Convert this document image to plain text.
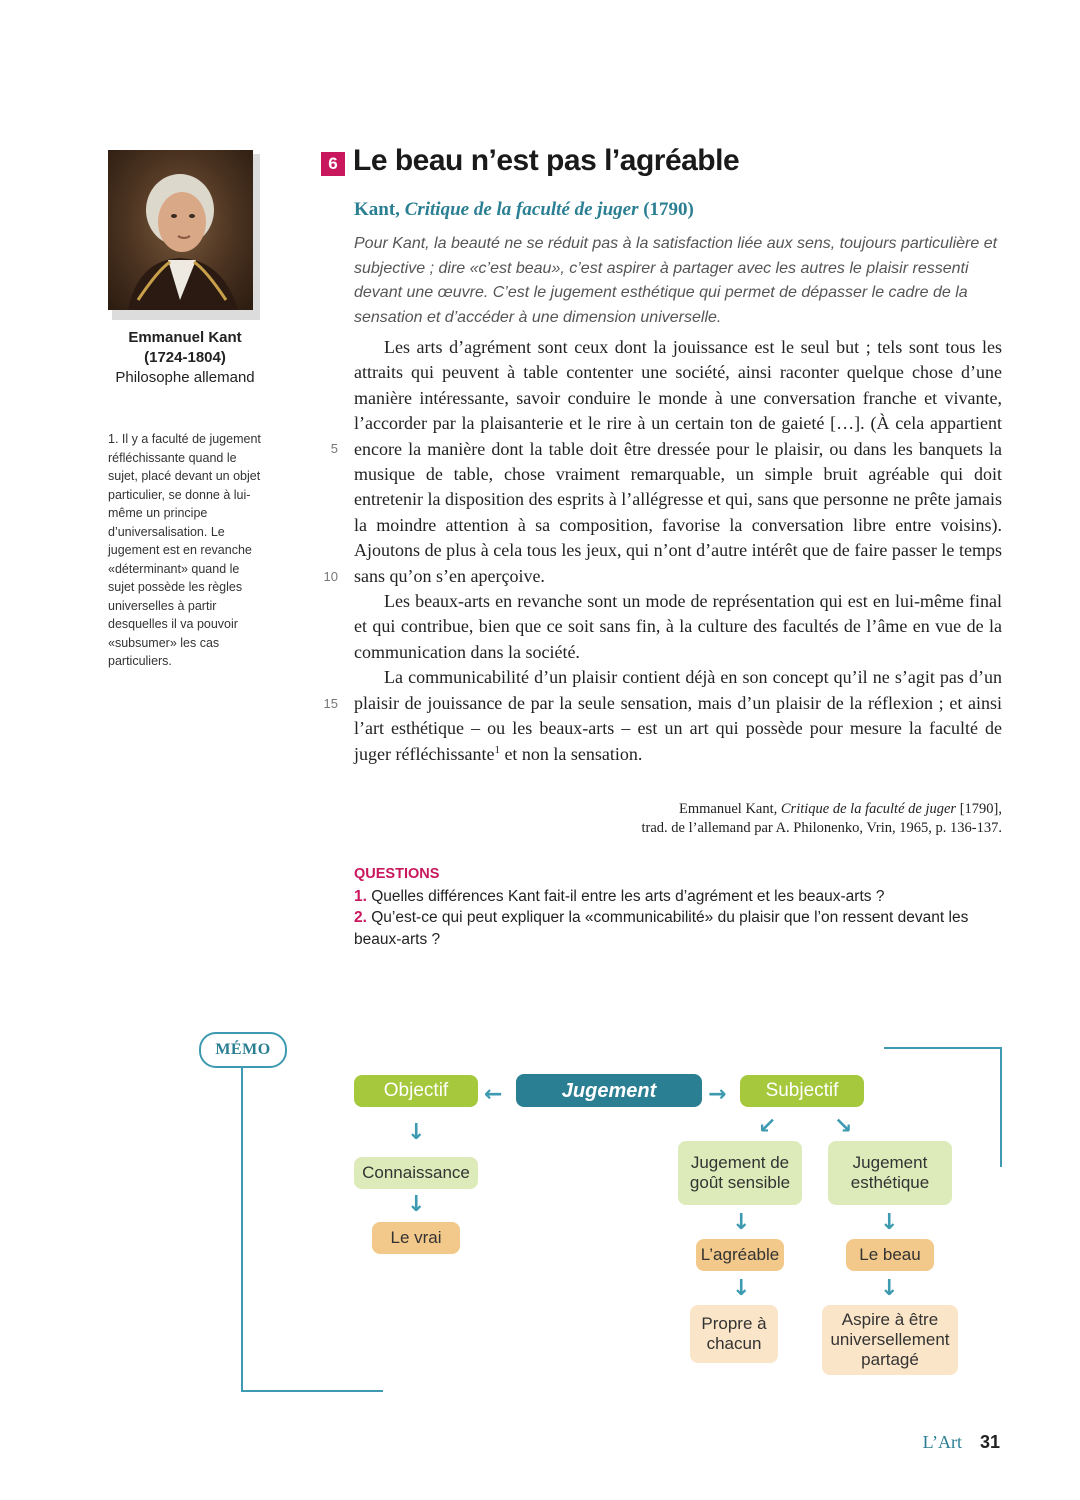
Emmanuel Kant
(1724-1804)
Philosophe allemand
1. Il y a faculté de jugement réfléchissante quand le sujet, placé devant un objet particulier, se donne à lui-même un principe d’universalisation. Le jugement est en revanche «déterminant» quand le sujet possède les règles universelles à partir desquelles il va pouvoir «subsumer» les cas particuliers.
6 Le beau n’est pas l’agréable
Kant, Critique de la faculté de juger (1790)
Pour Kant, la beauté ne se réduit pas à la satisfaction liée aux sens, toujours particulière et subjective ; dire «c’est beau», c’est aspirer à partager avec les autres le plaisir ressenti devant une œuvre. C’est le jugement esthétique qui permet de dépasser le cadre de la sensation et d’accéder à une dimension universelle.

Les arts d’agrément sont ceux dont la jouissance est le seul but ; tels sont tous les attraits qui peuvent à table contenter une société, ainsi raconter quelque chose d’une manière intéressante, savoir conduire le monde à une conversation franche et vivante, l’accorder par la plaisanterie et le rire à un certain ton de gaieté […]. (À cela appartient encore la manière dont la table doit être dressée pour le plaisir, ou dans les banquets la musique de table, chose vraiment remarquable, un simple bruit agréable qui doit entretenir la disposition des esprits à l’allégresse et qui, sans que personne ne prête jamais la moindre attention à sa composition, favorise la conversation libre entre voisins). Ajoutons de plus à cela tous les jeux, qui n’ont d’autre intérêt que de faire passer le temps sans qu’on s’en aperçoive.

Les beaux-arts en revanche sont un mode de représentation qui est en lui-même final et qui contribue, bien que ce soit sans fin, à la culture des facultés de l’âme en vue de la communication dans la société.

La communicabilité d’un plaisir contient déjà en son concept qu’il ne s’agit pas d’un plaisir de jouissance de par la seule sensation, mais d’un plaisir de la réflexion ; et ainsi l’art esthétique – ou les beaux-arts – est un art qui possède pour mesure la faculté de juger réfléchissante$^1$ et non la sensation.

5
10
15
Emmanuel Kant, Critique de la faculté de juger [1790],
trad. de l’allemand par A. Philonenko, Vrin, 1965, p. 136-137.
QUESTIONS
1. Quelles différences Kant fait-il entre les arts d’agrément et les beaux-arts ?
2. Qu’est-ce qui peut expliquer la «communicabilité» du plaisir que l’on ressent devant les beaux-arts ?
MÉMO
Objectif	←	Jugement	→	Subjectif
↓
Connaissance
↓
Le vrai
↙	↘
Jugement de
goût sensible
Jugement
esthétique
↓	↓
L’agréable	Le beau
↓	↓
Propre à
chacun
Aspire à être
universellement
partagé
L’Art 31
